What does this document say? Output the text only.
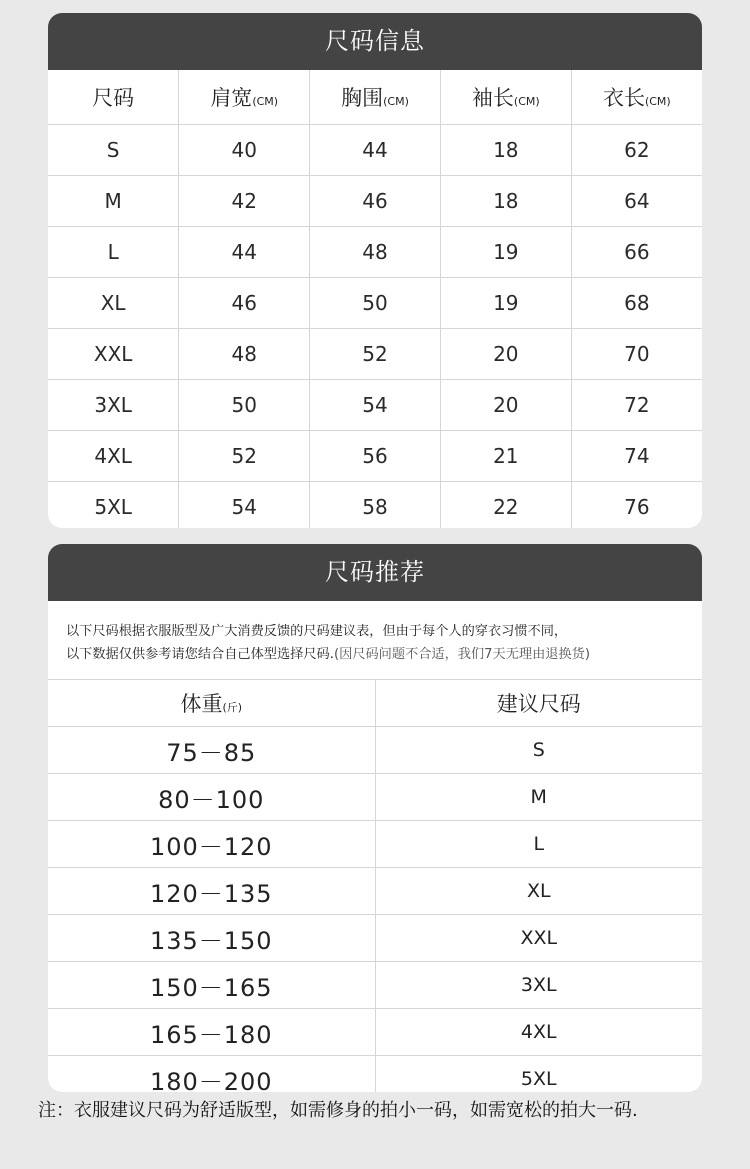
尺码信息
尺码	肩宽(CM)	胸围(CM)	袖长(CM)	衣长(CM)
S	40	44	18	62
M	42	46	18	64
L	44	48	19	66
XL	46	50	19	68
XXL	48	52	20	70
3XL	50	54	20	72
4XL	52	56	21	74
5XL	54	58	22	76
尺码推荐
以下尺码根据衣服版型及广大消费反馈的尺码建议表，但由于每个人的穿衣习惯不同，
以下数据仅供参考请您结合自己体型选择尺码.(因尺码问题不合适，我们7天无理由退换货)
体重(斤)	建议尺码
75－85	S
80－100	M
100－120	L
120－135	XL
135－150	XXL
150－165	3XL
165－180	4XL
180－200	5XL
注：衣服建议尺码为舒适版型，如需修身的拍小一码，如需宽松的拍大一码.
